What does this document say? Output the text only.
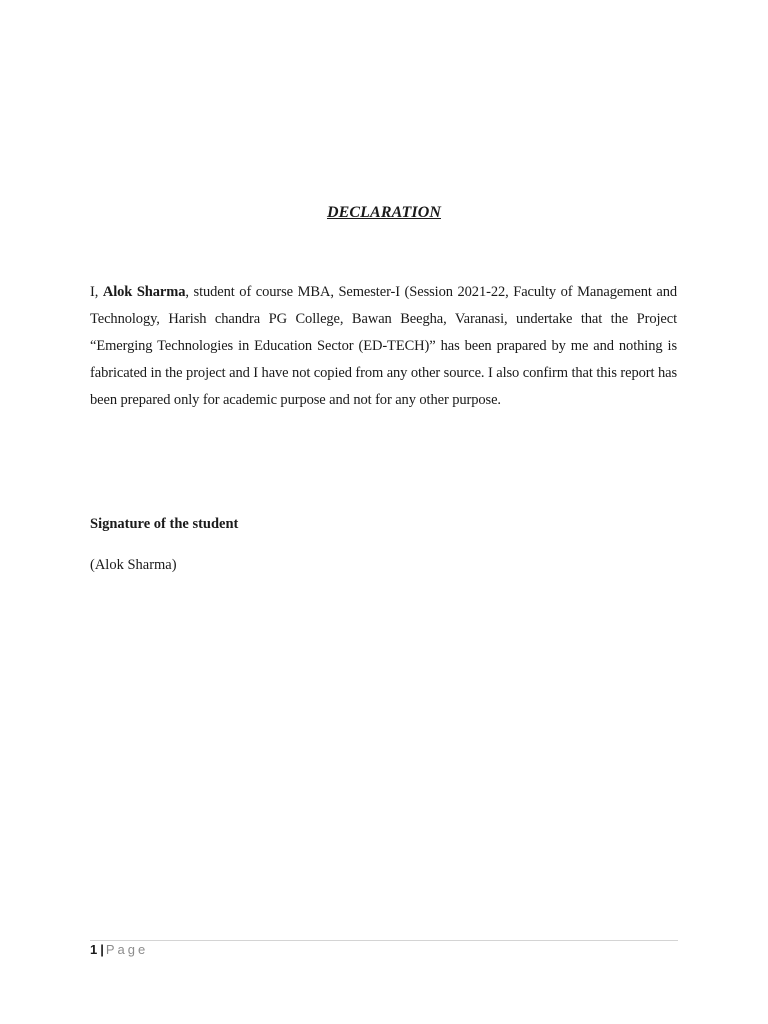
DECLARATION
I, Alok Sharma, student of course MBA, Semester-I (Session 2021-22, Faculty of Management and Technology, Harish chandra PG College, Bawan Beegha, Varanasi, undertake that the Project “Emerging Technologies in Education Sector (ED-TECH)” has been prapared by me and nothing is fabricated in the project and I have not copied from any other source. I also confirm that this report has been prepared only for academic purpose and not for any other purpose.
Signature of the student
(Alok Sharma)
1 | Page
